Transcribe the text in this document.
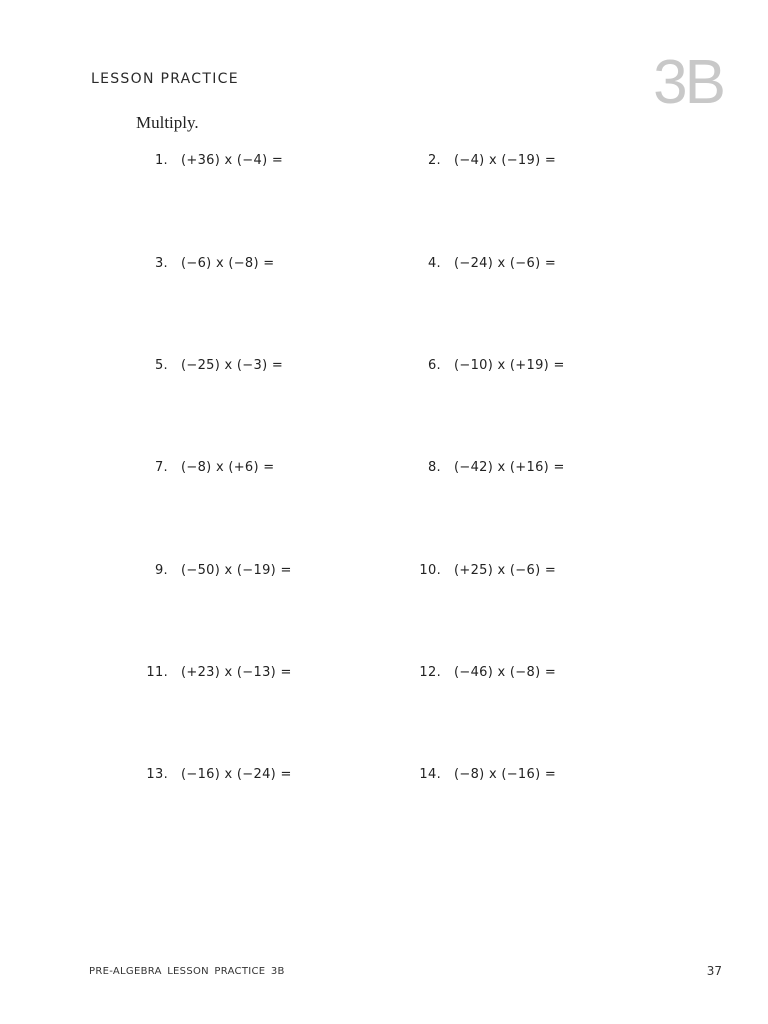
LESSON PRACTICE	3B
Multiply.
1. (+36) x (−4) =	2. (−4) x (−19) =
3. (−6) x (−8) =	4. (−24) x (−6) =
5. (−25) x (−3) =	6. (−10) x (+19) =
7. (−8) x (+6) =	8. (−42) x (+16) =
9. (−50) x (−19) =	10. (+25) x (−6) =
11. (+23) x (−13) =	12. (−46) x (−8) =
13. (−16) x (−24) =	14. (−8) x (−16) =
PRE-ALGEBRA LESSON PRACTICE 3B	37
